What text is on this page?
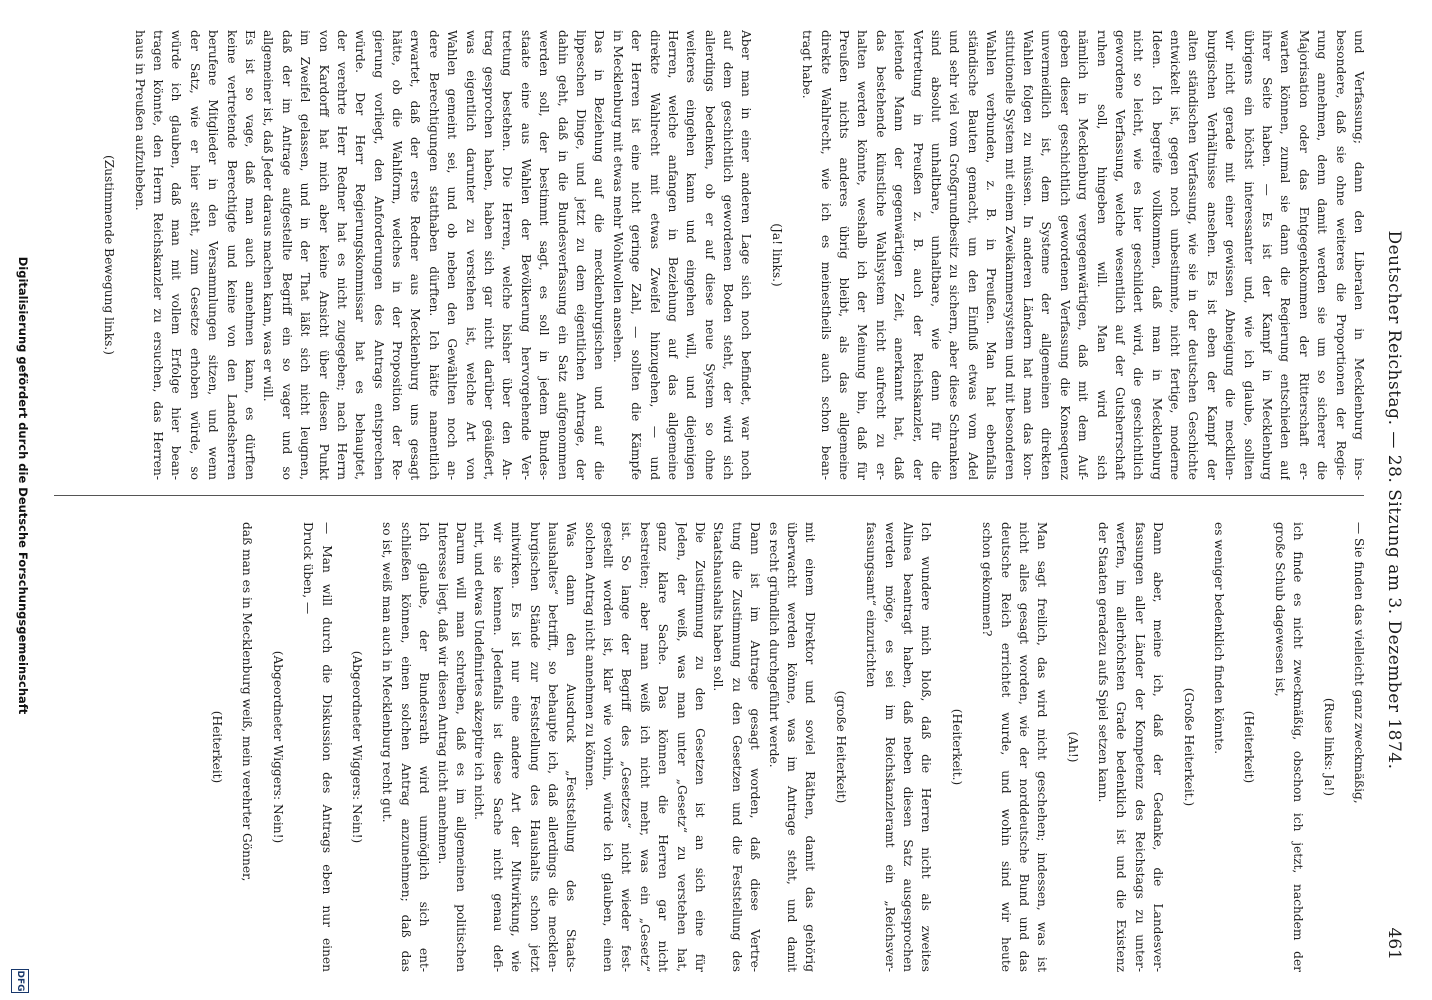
Deutscher Reichstag. — 28. Sitzung am 3. Dezember 1874.
461
und Verfassung; dann den Liberalen in Mecklenburg ins-
besondere, daß sie ohne weiteres die Proportionen der Regie-
rung annehmen, denn damit werden sie um so sicherer die
Majorisation oder das Entgegenkommen der Ritterschaft er-
warten können, zumal sie dann die Regierung entschieden auf
ihrer Seite haben. — Es ist der Kampf in Mecklenburg
übrigens ein höchst interessanter und, wie ich glaube, sollten
wir nicht gerade mit einer gewissen Abneigung die meckllen-
burgischen Verhältnisse ansehen. Es ist eben der Kampf der
alten ständischen Verfassung, wie sie in der deutschen Geschichte
entwickelt ist, gegen noch unbestimmte, nicht fertige, moderne
Ideen. Ich begreife vollkommen, daß man in Mecklenburg
nicht so leicht, wie es hier geschildert wird, die geschichtlich
gewordene Verfassung, welche wesentlich auf der Gutsherrschaft
ruhen soll, hingeben will. Man wird sich
nämlich in Mecklenburg vergegenwärtigen, daß mit dem Auf-
geben dieser geschichtlich gewordenen Verfassung die Konsequenz
unvermeidlich ist, dem Systeme der allgemeinen direkten
Wahlen folgen zu müssen. In anderen Ländern hat man das kon-
stitutionelle System mit einem Zweikammersystem und mit besonderen
Wahlen verbunden, z. B. in Preußen. Man hat ebenfalls
ständische Bauten gemacht, um den Einfluß etwas vom Adel
und sehr viel vom Großgrundbesitz zu sichern, aber diese Schranken
sind absolut unhaltbare, unhaltbare, wie denn für die
Vertretung in Preußen z. B. auch der Reichskanzler, der
leitende Mann der gegenwärtigen Zeit, anerkannt hat, daß
das bestehende künstliche Wahlsystem nicht aufrecht zu er-
halten werden könnte, weshalb ich der Meinung bin, daß für
Preußen nichts anderes übrig bleibt, als das allgemeine
direkte Wahlrecht, wie ich es meinestheils auch schon bean-
tragt habe.
(Ja! links.)
Aber man in einer anderen Lage sich noch befindet, war noch
auf dem geschichtlich gewordenen Boden steht, der wird sich
allerdings bedenken, ob er auf diese neue System so ohne
weiteres eingehen kann und eingehen will, und diejenigen
Herren, welche anfangen in Beziehung auf das allgemeine
direkte Wahlrecht mit etwas Zweifel hinzugehen, — und
der Herren ist eine nicht geringe Zahl, — sollten die Kämpfe
in Mecklenburg mit etwas mehr Wohlwollen ansehen.
Das in Beziehung auf die mecklenburgischen und auf die
lippeschen Dinge, und jetzt zu dem eigentlichen Antrage, der
dahin geht, daß in die Bundesverfassung ein Satz aufgenommen
werden soll, der bestimmt sagt, es soll in jedem Bundes-
staate eine aus Wahlen der Bevölkerung hervorgehende Ver-
tretung bestehen. Die Herren, welche bisher über den An-
trag gesprochen haben, haben sich gar nicht darüber geäußert,
was eigentlich darunter zu verstehen ist, welche Art von
Wahlen gemeint sei, und ob neben den Gewählten noch an-
dere Berechtigungen statthaben dürften. Ich hätte namentlich
erwartet, daß der erste Redner aus Mecklenburg uns gesagt
hätte, ob die Wahlform, welches in der Proposition der Re-
gierung vorliegt, den Anforderungen des Antrags entsprechen
würde. Der Herr Regierungskommissar hat es behauptet,
der verehrte Herr Redner hat es nicht zugegeben; nach Herrn
von Kardorff hat mich aber keine Ansicht über diesen Punkt
im Zweifel gelassen, und in der That läßt sich nicht leugnen,
daß der im Antrage aufgestellte Begriff ein so vager und so
allgemeiner ist, daß Jeder daraus machen kann, was er will.
Es ist so vage, daß man auch annehmen kann, es dürften
keine vertretende Berechtigte und keine von den Landesherren
berufene Mitglieder in den Versammlungen sitzen, und wenn
der Satz, wie er hier steht, zum Gesetze erhoben würde, so
würde ich glauben, daß man mit vollem Erfolge hier bean-
tragen könnte, den Herrn Reichskanzler zu ersuchen, das Herren-
haus in Preußen aufzuheben.
(Zustimmende Bewegung links.)
— Sie finden das vielleicht ganz zweckmäßig,
(Ruse links: Ja!)
ich finde es nicht zweckmäßig, obschon ich jetzt, nachdem der
große Schub dagewesen ist,
(Heiterkeit)
es weniger bedenklich finden könnte.
(Große Heiterkeit.)
Dann aber, meine ich, daß der Gedanke, die Landesver-
fassungen aller Länder der Kompetenz des Reichstags zu unter-
werfen, im allerhöchsten Grade bedenklich ist und die Existenz
der Staaten geradezu aufs Spiel setzen kann.
(Ah!)
Man sagt freilich, das wird nicht geschehen; indessen, was ist
nicht alles gesagt worden, wie der norddeutsche Bund und das
deutsche Reich errichtet wurde, und wohin sind wir heute
schon gekommen?
(Heiterkeit.)
Ich wundere mich bloß, daß die Herren nicht als zweites
Alinea beantragt haben, daß neben diesen Satz ausgesprochen
werden möge, es sei im Reichskanzleramt ein „Reichsver-
fassungsamt“ einzurichten
(große Heiterkeit)
mit einem Direktor und soviel Räthen, damit das gehörig
überwacht werden könne, was im Antrage steht, und damit
es recht gründlich durchgeführt werde.
Dann ist im Antrage gesagt worden, daß diese Vertre-
tung die Zustimmung zu den Gesetzen und die Feststellung des
Staatshaushalts haben soll.
Die Zustimmung zu den Gesetzen ist an sich eine für
Jeden, der weiß, was man unter „Gesetz“ zu verstehen hat,
ganz klare Sache. Das können die Herren gar nicht
bestreiten; aber man weiß ich nicht mehr, was ein „Gesetz“
ist. So lange der Begriff des „Gesetzes“ nicht wieder fest-
gestellt worden ist, klar wie vorhin, würde ich glauben, einen
solchen Antrag nicht annehmen zu können.
Was dann den Ausdruck „Feststellung des Staats-
haushaltes“ betrifft, so behaupte ich, daß allerdings die mecklen-
burgischen Stände zur Feststellung des Haushalts schon jetzt
mitwirken. Es ist nur eine andere Art der Mitwirkung, wie
wir sie kennen. Jedenfalls ist diese Sache nicht genau defi-
nirt, und etwas Undefinirtes akzeptire ich nicht.
Darum will man schreiben, daß es im allgemeinen politischen
Interesse liegt, daß wir diesen Antrag nicht annehmen.
Ich glaube, der Bundesrath wird unmöglich sich ent-
schließen können, einen solchen Antrag anzunehmen; daß das
so ist, weiß man auch in Mecklenburg recht gut.
(Abgeordneter Wiggers: Nein!)
— Man will durch die Diskussion des Antrags eben nur einen
Druck üben, —
(Abgeordneter Wiggers: Nein!)
daß man es in Mecklenburg weiß, mein verehrter Gönner,
(Heiterkeit)
Digitalisierung gefördert durch die Deutsche Forschungsgemeinschaft
DFG
